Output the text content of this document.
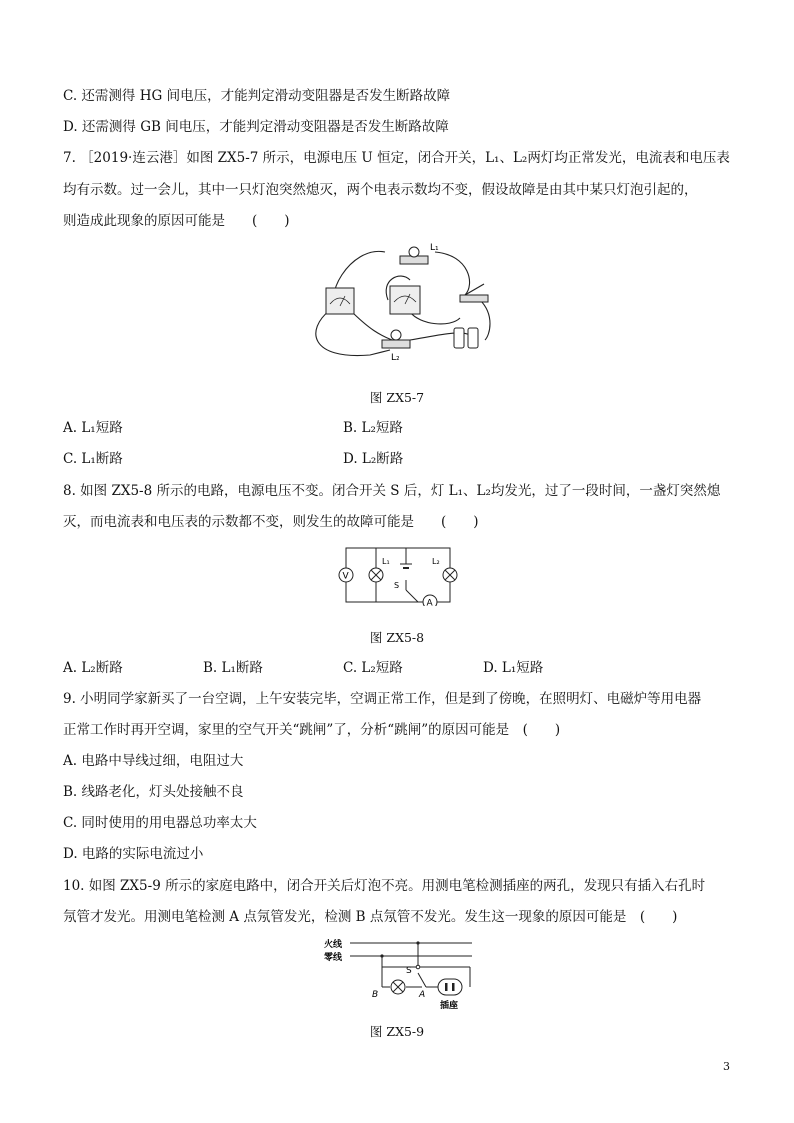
C. 还需测得 HG 间电压，才能判定滑动变阻器是否发生断路故障
D. 还需测得 GB 间电压，才能判定滑动变阻器是否发生断路故障
7. ［2019·连云港］如图 ZX5-7 所示，电源电压 U 恒定，闭合开关，L₁、L₂两灯均正常发光，电流表和电压表
均有示数。过一会儿，其中一只灯泡突然熄灭，两个电表示数均不变，假设故障是由其中某只灯泡引起的，
则造成此现象的原因可能是　　(　　)
L₁
L₂
图 ZX5-7
A. L₁短路	B. L₂短路
C. L₁断路	D. L₂断路
8. 如图 ZX5-8 所示的电路，电源电压不变。闭合开关 S 后，灯 L₁、L₂均发光，过了一段时间，一盏灯突然熄
灭，而电流表和电压表的示数都不变，则发生的故障可能是　　(　　)
V
L₁
S
L₂
A
图 ZX5-8
A. L₂断路	B. L₁断路	C. L₂短路	D. L₁短路
9. 小明同学家新买了一台空调，上午安装完毕，空调正常工作，但是到了傍晚，在照明灯、电磁炉等用电器
正常工作时再开空调，家里的空气开关“跳闸”了，分析“跳闸”的原因可能是　(　　)
A. 电路中导线过细，电阻过大
B. 线路老化，灯头处接触不良
C. 同时使用的用电器总功率太大
D. 电路的实际电流过小
10. 如图 ZX5-9 所示的家庭电路中，闭合开关后灯泡不亮。用测电笔检测插座的两孔，发现只有插入右孔时
氖管才发光。用测电笔检测 A 点氖管发光，检测 B 点氖管不发光。发生这一现象的原因可能是　(　　)
火线
零线
S
插座
A
B
图 ZX5-9
3
